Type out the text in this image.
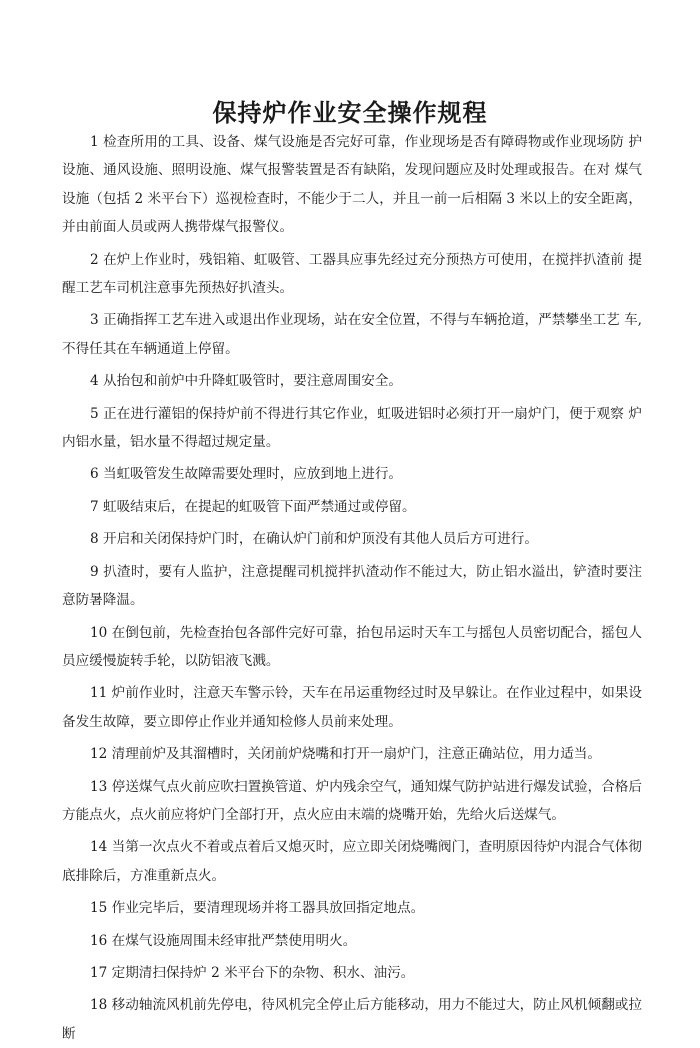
保持炉作业安全操作规程

1 检查所用的工具、设备、煤气设施是否完好可靠，作业现场是否有障碍物或作业现场防 护设施、通风设施、照明设施、煤气报警装置是否有缺陷，发现问题应及时处理或报告。在对 煤气设施（包括 2 米平台下）巡视检查时，不能少于二人，并且一前一后相隔 3 米以上的安全距离，并由前面人员或两人携带煤气报警仪。

2 在炉上作业时，残铝箱、虹吸管、工器具应事先经过充分预热方可使用，在搅拌扒渣前 提醒工艺车司机注意事先预热好扒渣头。

3 正确指挥工艺车进入或退出作业现场，站在安全位置，不得与车辆抢道，严禁攀坐工艺 车,不得任其在车辆通道上停留。

4 从抬包和前炉中升降虹吸管时，要注意周围安全。

5 正在进行灌铝的保持炉前不得进行其它作业，虹吸进铝时必须打开一扇炉门，便于观察 炉内铝水量，铝水量不得超过规定量。

6 当虹吸管发生故障需要处理时，应放到地上进行。

7 虹吸结束后，在提起的虹吸管下面严禁通过或停留。

8 开启和关闭保持炉门时，在确认炉门前和炉顶没有其他人员后方可进行。

9 扒渣时，要有人监护，注意提醒司机搅拌扒渣动作不能过大，防止铝水溢出，铲渣时要注意防暑降温。

10 在倒包前，先检查抬包各部件完好可靠，抬包吊运时天车工与摇包人员密切配合，摇包人员应缓慢旋转手轮，以防铝液飞溅。

11 炉前作业时，注意天车警示铃，天车在吊运重物经过时及早躲让。在作业过程中，如果设备发生故障，要立即停止作业并通知检修人员前来处理。

12 清理前炉及其溜槽时，关闭前炉烧嘴和打开一扇炉门，注意正确站位，用力适当。

13 停送煤气点火前应吹扫置换管道、炉内残余空气，通知煤气防护站进行爆发试验，合格后方能点火，点火前应将炉门全部打开，点火应由末端的烧嘴开始，先给火后送煤气。

14 当第一次点火不着或点着后又熄灭时，应立即关闭烧嘴阀门，查明原因待炉内混合气体彻底排除后，方准重新点火。

15 作业完毕后，要清理现场并将工器具放回指定地点。

16 在煤气设施周围未经审批严禁使用明火。

17 定期清扫保持炉 2 米平台下的杂物、积水、油污。

18 移动轴流风机前先停电，待风机完全停止后方能移动，用力不能过大，防止风机倾翻或拉断
